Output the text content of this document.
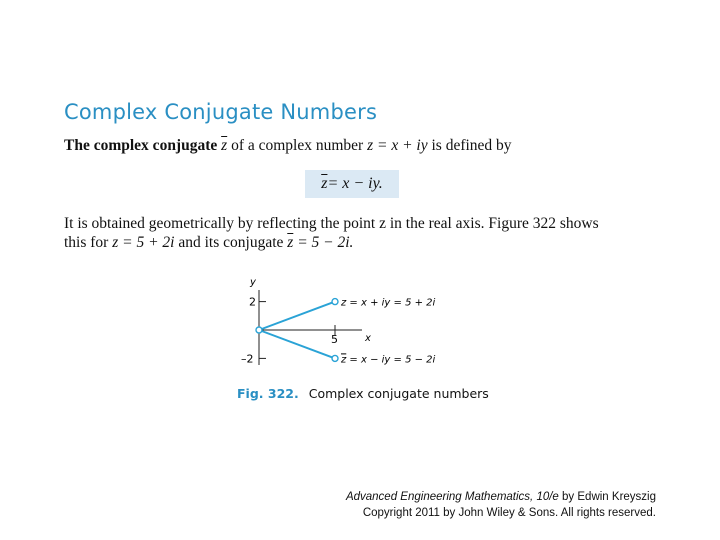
Complex Conjugate Numbers
The complex conjugate $\overline{z}$ of a complex number z = x + iy is defined by
$\overline{z} = x$ − iy.
It is obtained geometrically by reflecting the point z in the real axis. Figure 322 shows
this for z = 5 + 2i and its conjugate $\overline{z} = 5 - 2i$.
y
x
2
–2
5
z = x + iy = 5 + 2i
z = x − iy = 5 − 2i
Fig. 322. Complex conjugate numbers
Advanced Engineering Mathematics, 10/e by Edwin Kreyszig
Copyright 2011 by John Wiley & Sons. All rights reserved.
